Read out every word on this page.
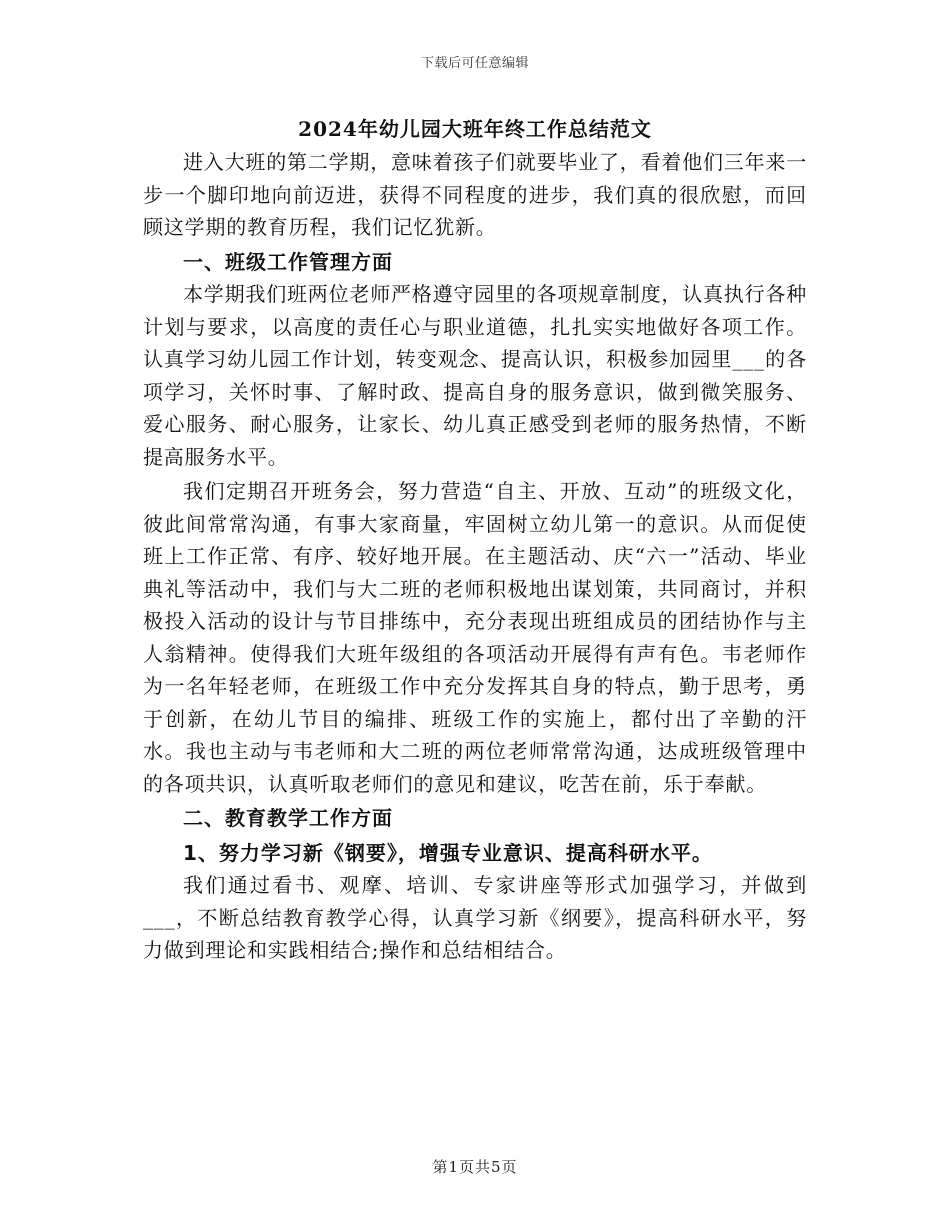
下载后可任意编辑
2024年幼儿园大班年终工作总结范文

进入大班的第二学期，意味着孩子们就要毕业了，看着他们三年来一步一个脚印地向前迈进，获得不同程度的进步，我们真的很欣慰，而回顾这学期的教育历程，我们记忆犹新。

一、班级工作管理方面

本学期我们班两位老师严格遵守园里的各项规章制度，认真执行各种计划与要求，以高度的责任心与职业道德，扎扎实实地做好各项工作。认真学习幼儿园工作计划，转变观念、提高认识，积极参加园里___的各项学习，关怀时事、了解时政、提高自身的服务意识，做到微笑服务、爱心服务、耐心服务，让家长、幼儿真正感受到老师的服务热情，不断提高服务水平。

我们定期召开班务会，努力营造“自主、开放、互动”的班级文化，彼此间常常沟通，有事大家商量，牢固树立幼儿第一的意识。从而促使班上工作正常、有序、较好地开展。在主题活动、庆“六一”活动、毕业典礼等活动中，我们与大二班的老师积极地出谋划策，共同商讨，并积极投入活动的设计与节目排练中，充分表现出班组成员的团结协作与主人翁精神。使得我们大班年级组的各项活动开展得有声有色。韦老师作为一名年轻老师，在班级工作中充分发挥其自身的特点，勤于思考，勇于创新，在幼儿节目的编排、班级工作的实施上，都付出了辛勤的汗水。我也主动与韦老师和大二班的两位老师常常沟通，达成班级管理中的各项共识，认真听取老师们的意见和建议，吃苦在前，乐于奉献。

二、教育教学工作方面

1、努力学习新《钢要》，增强专业意识、提高科研水平。

我们通过看书、观摩、培训、专家讲座等形式加强学习，并做到___，不断总结教育教学心得，认真学习新《纲要》，提高科研水平，努力做到理论和实践相结合;操作和总结相结合。

第1页共5页
